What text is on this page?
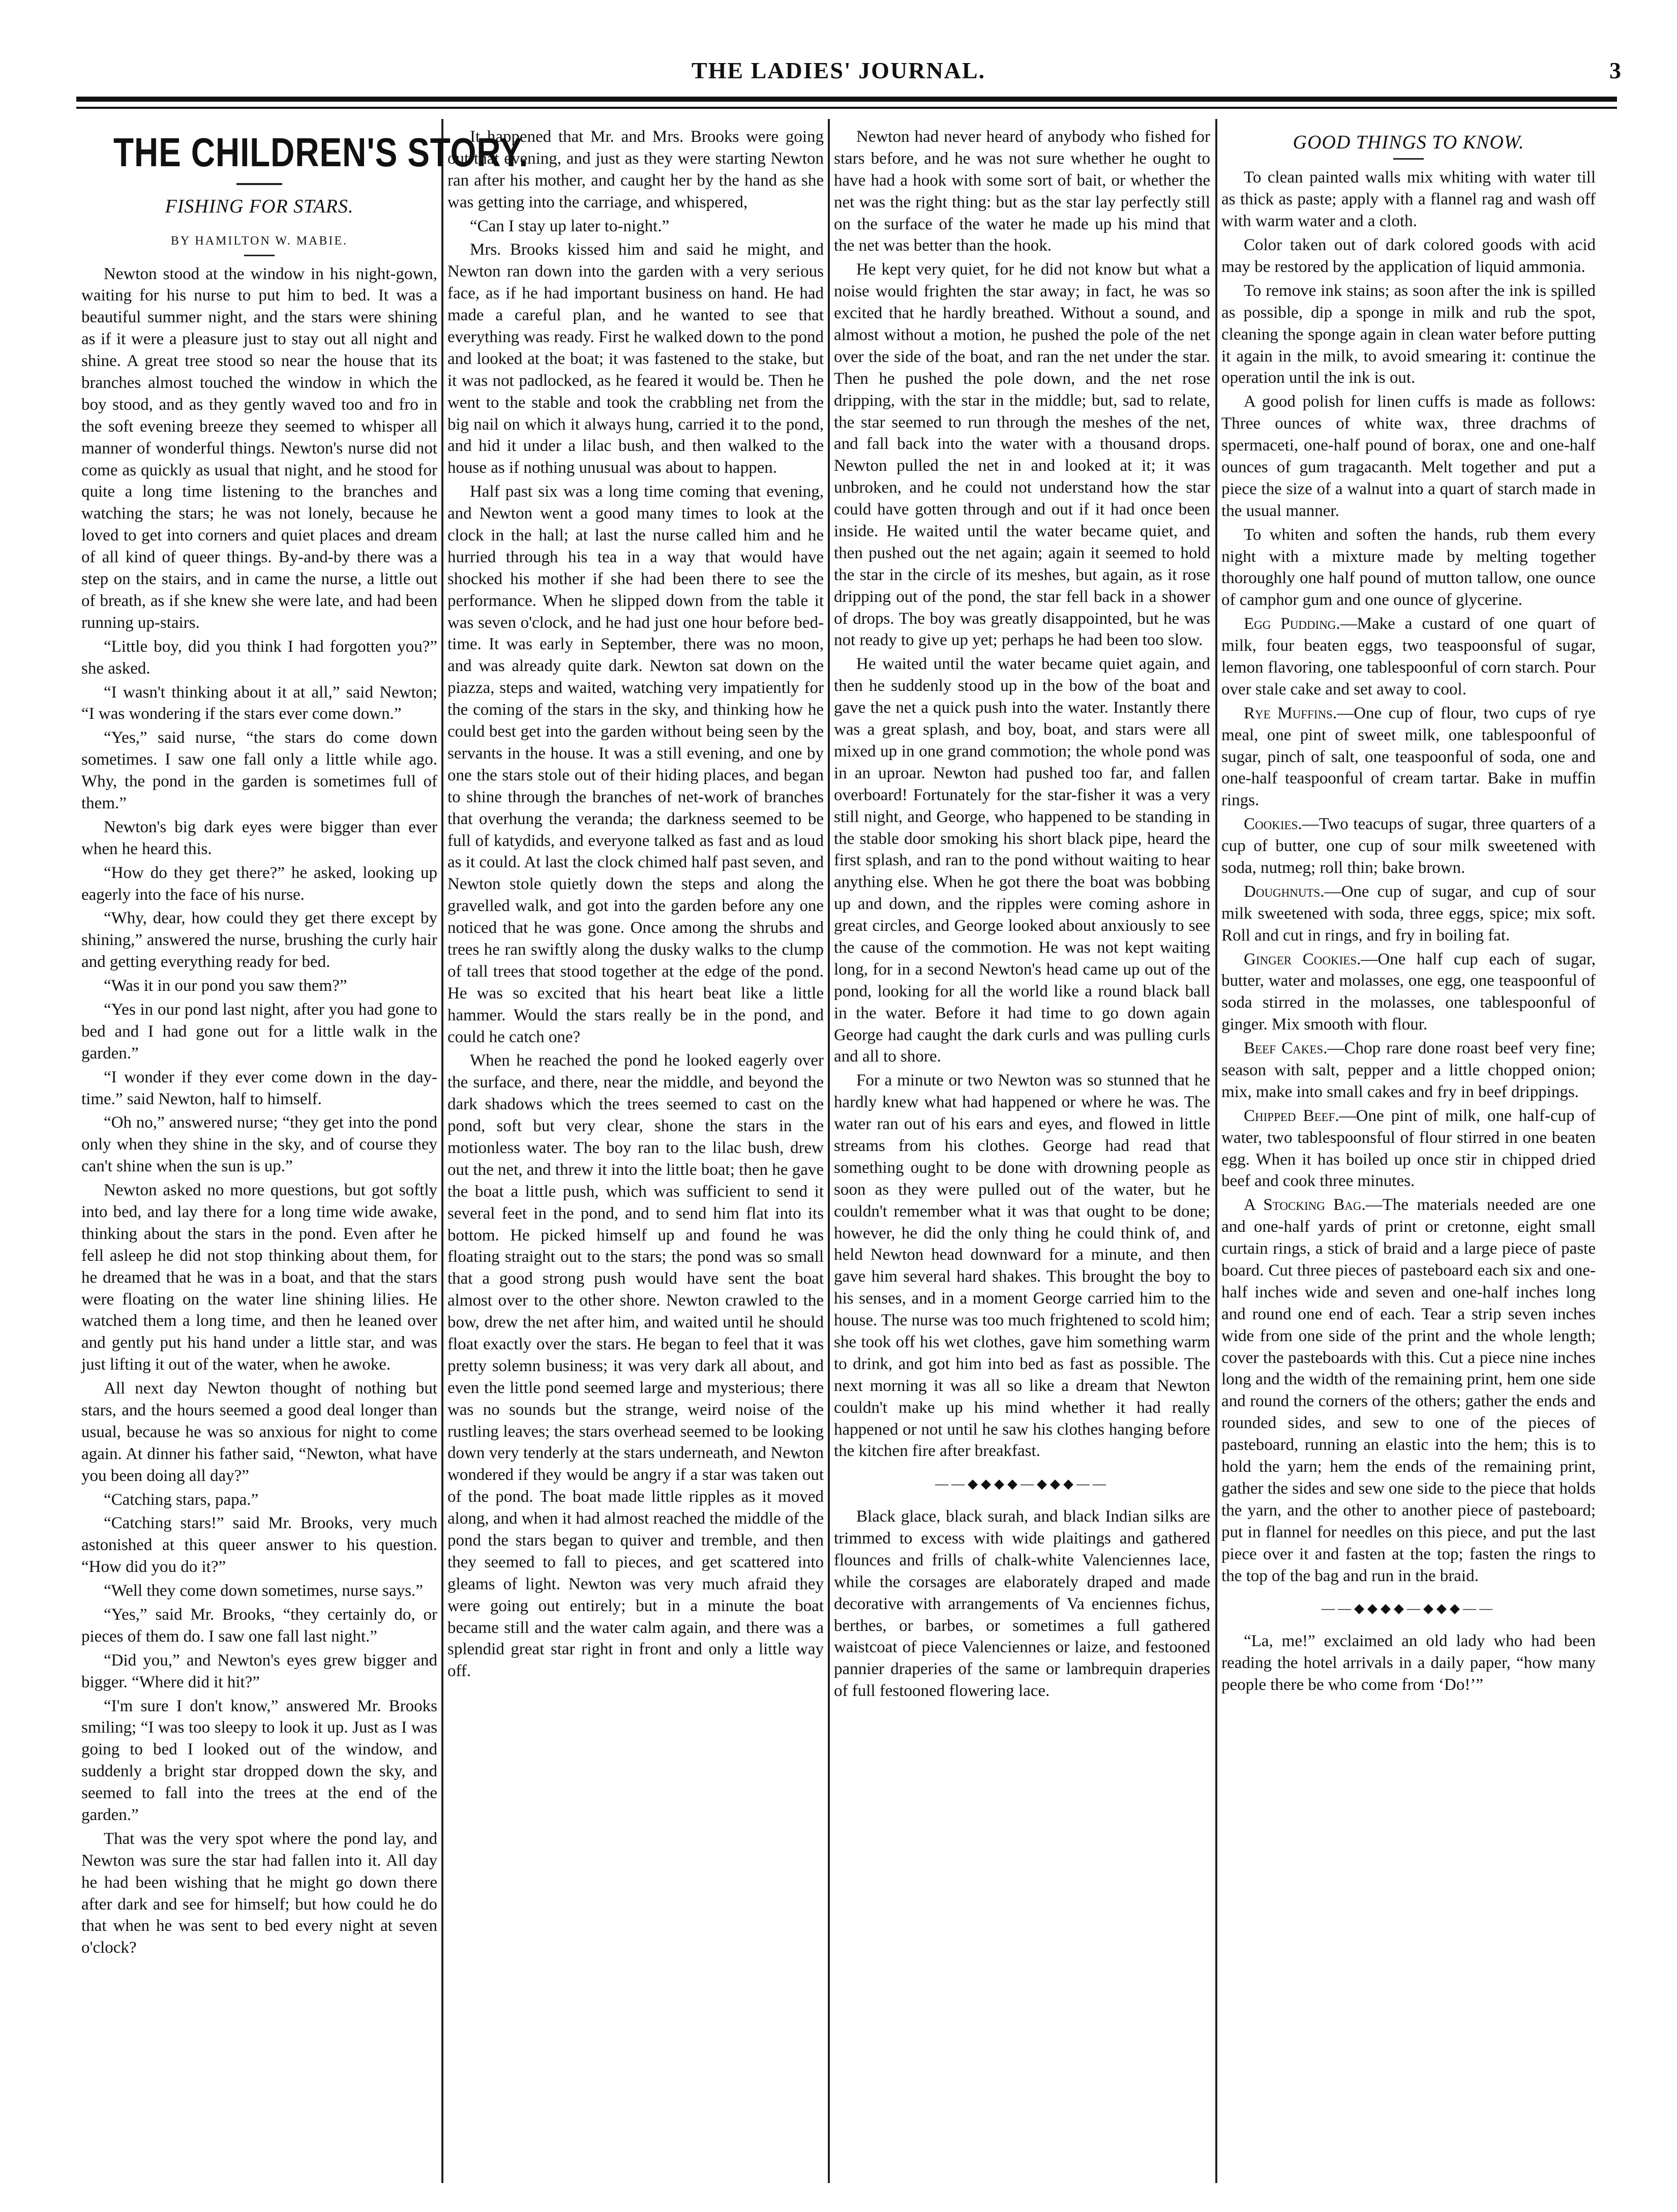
THE LADIES' JOURNAL.	3
THE CHILDREN'S STORY.
FISHING FOR STARS.
BY HAMILTON W. MABIE.

Newton stood at the window in his night-gown, waiting for his nurse to put him to bed. It was a beautiful summer night, and the stars were shining as if it were a pleasure just to stay out all night and shine. A great tree stood so near the house that its branches almost touched the window in which the boy stood, and as they gently waved too and fro in the soft evening breeze they seemed to whisper all manner of wonderful things. Newton's nurse did not come as quickly as usual that night, and he stood for quite a long time listening to the branches and watching the stars; he was not lonely, because he loved to get into corners and quiet places and dream of all kind of queer things. By-and-by there was a step on the stairs, and in came the nurse, a little out of breath, as if she knew she were late, and had been running up-stairs.

“Little boy, did you think I had forgotten you?” she asked.

“I wasn't thinking about it at all,” said Newton; “I was wondering if the stars ever come down.”

“Yes,” said nurse, “the stars do come down sometimes. I saw one fall only a little while ago. Why, the pond in the garden is sometimes full of them.”

Newton's big dark eyes were bigger than ever when he heard this.

“How do they get there?” he asked, looking up eagerly into the face of his nurse.

“Why, dear, how could they get there except by shining,” answered the nurse, brushing the curly hair and getting everything ready for bed.

“Was it in our pond you saw them?”

“Yes in our pond last night, after you had gone to bed and I had gone out for a little walk in the garden.”

“I wonder if they ever come down in the day-time.” said Newton, half to himself.

“Oh no,” answered nurse; “they get into the pond only when they shine in the sky, and of course they can't shine when the sun is up.”

Newton asked no more questions, but got softly into bed, and lay there for a long time wide awake, thinking about the stars in the pond. Even after he fell asleep he did not stop thinking about them, for he dreamed that he was in a boat, and that the stars were floating on the water line shining lilies. He watched them a long time, and then he leaned over and gently put his hand under a little star, and was just lifting it out of the water, when he awoke.

All next day Newton thought of nothing but stars, and the hours seemed a good deal longer than usual, because he was so anxious for night to come again. At dinner his father said, “Newton, what have you been doing all day?”

“Catching stars, papa.”

“Catching stars!” said Mr. Brooks, very much astonished at this queer answer to his question. “How did you do it?”

“Well they come down sometimes, nurse says.”

“Yes,” said Mr. Brooks, “they certainly do, or pieces of them do. I saw one fall last night.”

“Did you,” and Newton's eyes grew bigger and bigger. “Where did it hit?”

“I'm sure I don't know,” answered Mr. Brooks smiling; “I was too sleepy to look it up. Just as I was going to bed I looked out of the window, and suddenly a bright star dropped down the sky, and seemed to fall into the trees at the end of the garden.”

That was the very spot where the pond lay, and Newton was sure the star had fallen into it. All day he had been wishing that he might go down there after dark and see for himself; but how could he do that when he was sent to bed every night at seven o'clock?

It happened that Mr. and Mrs. Brooks were going out that evening, and just as they were starting Newton ran after his mother, and caught her by the hand as she was getting into the carriage, and whispered,

“Can I stay up later to-night.”

Mrs. Brooks kissed him and said he might, and Newton ran down into the garden with a very serious face, as if he had important business on hand. He had made a careful plan, and he wanted to see that everything was ready. First he walked down to the pond and looked at the boat; it was fastened to the stake, but it was not padlocked, as he feared it would be. Then he went to the stable and took the crabbling net from the big nail on which it always hung, carried it to the pond, and hid it under a lilac bush, and then walked to the house as if nothing unusual was about to happen.

Half past six was a long time coming that evening, and Newton went a good many times to look at the clock in the hall; at last the nurse called him and he hurried through his tea in a way that would have shocked his mother if she had been there to see the performance. When he slipped down from the table it was seven o'clock, and he had just one hour before bed-time. It was early in September, there was no moon, and was already quite dark. Newton sat down on the piazza, steps and waited, watching very impatiently for the coming of the stars in the sky, and thinking how he could best get into the garden without being seen by the servants in the house. It was a still evening, and one by one the stars stole out of their hiding places, and began to shine through the branches of net-work of branches that overhung the veranda; the darkness seemed to be full of katydids, and everyone talked as fast and as loud as it could. At last the clock chimed half past seven, and Newton stole quietly down the steps and along the gravelled walk, and got into the garden before any one noticed that he was gone. Once among the shrubs and trees he ran swiftly along the dusky walks to the clump of tall trees that stood together at the edge of the pond. He was so excited that his heart beat like a little hammer. Would the stars really be in the pond, and could he catch one?

When he reached the pond he looked eagerly over the surface, and there, near the middle, and beyond the dark shadows which the trees seemed to cast on the pond, soft but very clear, shone the stars in the motionless water. The boy ran to the lilac bush, drew out the net, and threw it into the little boat; then he gave the boat a little push, which was sufficient to send it several feet in the pond, and to send him flat into its bottom. He picked himself up and found he was floating straight out to the stars; the pond was so small that a good strong push would have sent the boat almost over to the other shore. Newton crawled to the bow, drew the net after him, and waited until he should float exactly over the stars. He began to feel that it was pretty solemn business; it was very dark all about, and even the little pond seemed large and mysterious; there was no sounds but the strange, weird noise of the rustling leaves; the stars overhead seemed to be looking down very tenderly at the stars underneath, and Newton wondered if they would be angry if a star was taken out of the pond. The boat made little ripples as it moved along, and when it had almost reached the middle of the pond the stars began to quiver and tremble, and then they seemed to fall to pieces, and get scattered into gleams of light. Newton was very much afraid they were going out entirely; but in a minute the boat became still and the water calm again, and there was a splendid great star right in front and only a little way off.

Newton had never heard of anybody who fished for stars before, and he was not sure whether he ought to have had a hook with some sort of bait, or whether the net was the right thing: but as the star lay perfectly still on the surface of the water he made up his mind that the net was better than the hook.

He kept very quiet, for he did not know but what a noise would frighten the star away; in fact, he was so excited that he hardly breathed. Without a sound, and almost without a motion, he pushed the pole of the net over the side of the boat, and ran the net under the star. Then he pushed the pole down, and the net rose dripping, with the star in the middle; but, sad to relate, the star seemed to run through the meshes of the net, and fall back into the water with a thousand drops. Newton pulled the net in and looked at it; it was unbroken, and he could not understand how the star could have gotten through and out if it had once been inside. He waited until the water became quiet, and then pushed out the net again; again it seemed to hold the star in the circle of its meshes, but again, as it rose dripping out of the pond, the star fell back in a shower of drops. The boy was greatly disappointed, but he was not ready to give up yet; perhaps he had been too slow.

He waited until the water became quiet again, and then he suddenly stood up in the bow of the boat and gave the net a quick push into the water. Instantly there was a great splash, and boy, boat, and stars were all mixed up in one grand commotion; the whole pond was in an uproar. Newton had pushed too far, and fallen overboard! Fortunately for the star-fisher it was a very still night, and George, who happened to be standing in the stable door smoking his short black pipe, heard the first splash, and ran to the pond without waiting to hear anything else. When he got there the boat was bobbing up and down, and the ripples were coming ashore in great circles, and George looked about anxiously to see the cause of the commotion. He was not kept waiting long, for in a second Newton's head came up out of the pond, looking for all the world like a round black ball in the water. Before it had time to go down again George had caught the dark curls and was pulling curls and all to shore.

For a minute or two Newton was so stunned that he hardly knew what had happened or where he was. The water ran out of his ears and eyes, and flowed in little streams from his clothes. George had read that something ought to be done with drowning people as soon as they were pulled out of the water, but he couldn't remember what it was that ought to be done; however, he did the only thing he could think of, and held Newton head downward for a minute, and then gave him several hard shakes. This brought the boy to his senses, and in a moment George carried him to the house. The nurse was too much frightened to scold him; she took off his wet clothes, gave him something warm to drink, and got him into bed as fast as possible. The next morning it was all so like a dream that Newton couldn't make up his mind whether it had really happened or not until he saw his clothes hanging before the kitchen fire after breakfast.

——◆◆◆◆—◆◆◆——

Black glace, black surah, and black Indian silks are trimmed to excess with wide plaitings and gathered flounces and frills of chalk-white Valenciennes lace, while the corsages are elaborately draped and made decorative with arrangements of Va enciennes fichus, berthes, or barbes, or sometimes a full gathered waistcoat of piece Valenciennes or laize, and festooned pannier draperies of the same or lambrequin draperies of full festooned flowering lace.

GOOD THINGS TO KNOW.

To clean painted walls mix whiting with water till as thick as paste; apply with a flannel rag and wash off with warm water and a cloth.

Color taken out of dark colored goods with acid may be restored by the application of liquid ammonia.

To remove ink stains; as soon after the ink is spilled as possible, dip a sponge in milk and rub the spot, cleaning the sponge again in clean water before putting it again in the milk, to avoid smearing it: continue the operation until the ink is out.

A good polish for linen cuffs is made as follows: Three ounces of white wax, three drachms of spermaceti, one-half pound of borax, one and one-half ounces of gum tragacanth. Melt together and put a piece the size of a walnut into a quart of starch made in the usual manner.

To whiten and soften the hands, rub them every night with a mixture made by melting together thoroughly one half pound of mutton tallow, one ounce of camphor gum and one ounce of glycerine.

Egg Pudding.—Make a custard of one quart of milk, four beaten eggs, two teaspoonsful of sugar, lemon flavoring, one tablespoonful of corn starch. Pour over stale cake and set away to cool.

Rye Muffins.—One cup of flour, two cups of rye meal, one pint of sweet milk, one tablespoonful of sugar, pinch of salt, one teaspoonful of soda, one and one-half teaspoonful of cream tartar. Bake in muffin rings.

Cookies.—Two teacups of sugar, three quarters of a cup of butter, one cup of sour milk sweetened with soda, nutmeg; roll thin; bake brown.

Doughnuts.—One cup of sugar, and cup of sour milk sweetened with soda, three eggs, spice; mix soft. Roll and cut in rings, and fry in boiling fat.

Ginger Cookies.—One half cup each of sugar, butter, water and molasses, one egg, one teaspoonful of soda stirred in the molasses, one tablespoonful of ginger. Mix smooth with flour.

Beef Cakes.—Chop rare done roast beef very fine; season with salt, pepper and a little chopped onion; mix, make into small cakes and fry in beef drippings.

Chipped Beef.—One pint of milk, one half-cup of water, two tablespoonsful of flour stirred in one beaten egg. When it has boiled up once stir in chipped dried beef and cook three minutes.

A Stocking Bag.—The materials needed are one and one-half yards of print or cretonne, eight small curtain rings, a stick of braid and a large piece of paste board. Cut three pieces of pasteboard each six and one-half inches wide and seven and one-half inches long and round one end of each. Tear a strip seven inches wide from one side of the print and the whole length; cover the pasteboards with this. Cut a piece nine inches long and the width of the remaining print, hem one side and round the corners of the others; gather the ends and rounded sides, and sew to one of the pieces of pasteboard, running an elastic into the hem; this is to hold the yarn; hem the ends of the remaining print, gather the sides and sew one side to the piece that holds the yarn, and the other to another piece of pasteboard; put in flannel for needles on this piece, and put the last piece over it and fasten at the top; fasten the rings to the top of the bag and run in the braid.

——◆◆◆◆—◆◆◆——

“La, me!” exclaimed an old lady who had been reading the hotel arrivals in a daily paper, “how many people there be who come from ‘Do!’”
